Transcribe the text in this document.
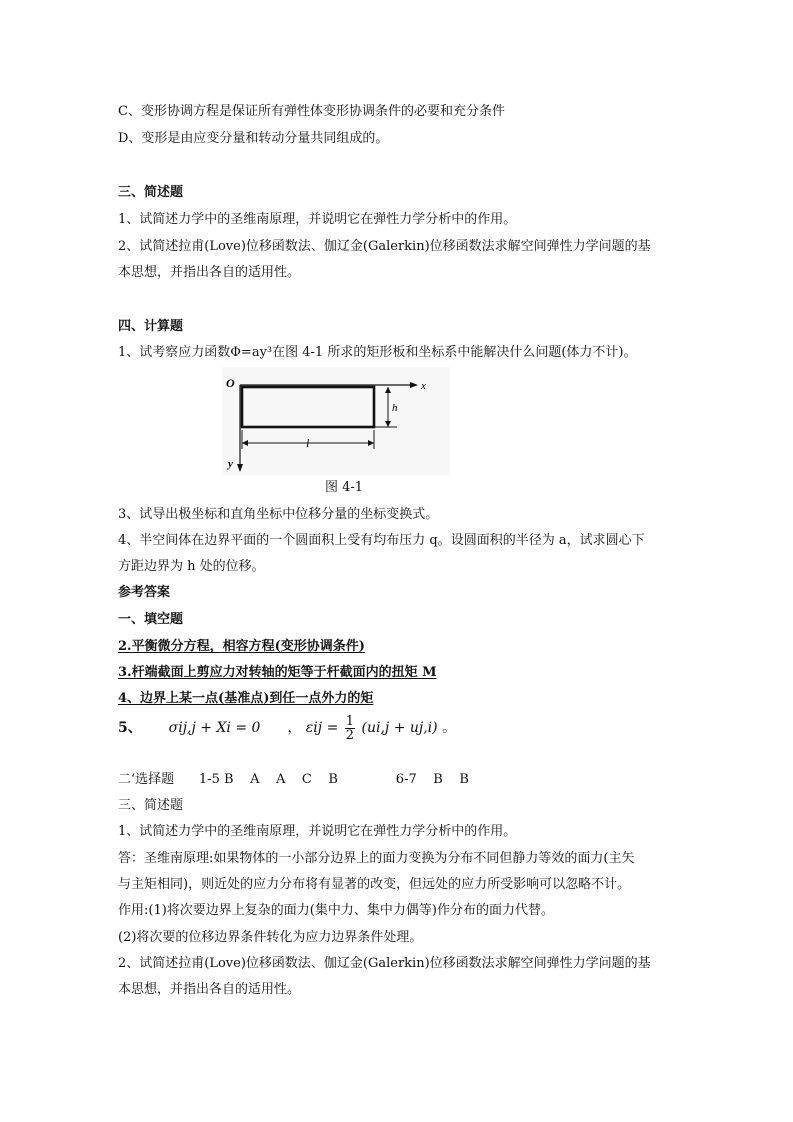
C、变形协调方程是保证所有弹性体变形协调条件的必要和充分条件
D、变形是由应变分量和转动分量共同组成的。
三、简述题
1、试简述力学中的圣维南原理，并说明它在弹性力学分析中的作用。
2、试简述拉甫(Love)位移函数法、伽辽金(Galerkin)位移函数法求解空间弹性力学问题的基
本思想，并指出各自的适用性。
四、计算题
1、试考察应力函数Φ=ay³在图 4-1 所求的矩形板和坐标系中能解决什么问题(体力不计)。
O	x
y
h
l
图 4-1
3、试导出极坐标和直角坐标中位移分量的坐标变换式。
4、半空间体在边界平面的一个圆面积上受有均布压力 q。设圆面积的半径为 a，试求圆心下
方距边界为 h 处的位移。
参考答案
一、填空题
2.平衡微分方程，相容方程(变形协调条件)
3.杆端截面上剪应力对转轴的矩等于杆截面内的扭矩 M
4、边界上某一点(基准点)到任一点外力的矩
5、 σij,j + Xi = 0 ， $\varepsilon ij = \frac{1}{2} (ui,j + uj,i)$ 。
二‘选择题      1-5 B    A    A    C    B              6-7    B    B
三、简述题
1、试简述力学中的圣维南原理，并说明它在弹性力学分析中的作用。
答：圣维南原理:如果物体的一小部分边界上的面力变换为分布不同但静力等效的面力(主矢
与主矩相同)，则近处的应力分布将有显著的改变，但远处的应力所受影响可以忽略不计。
作用:(1)将次要边界上复杂的面力(集中力、集中力偶等)作分布的面力代替。
(2)将次要的位移边界条件转化为应力边界条件处理。
2、试简述拉甫(Love)位移函数法、伽辽金(Galerkin)位移函数法求解空间弹性力学问题的基
本思想，并指出各自的适用性。
